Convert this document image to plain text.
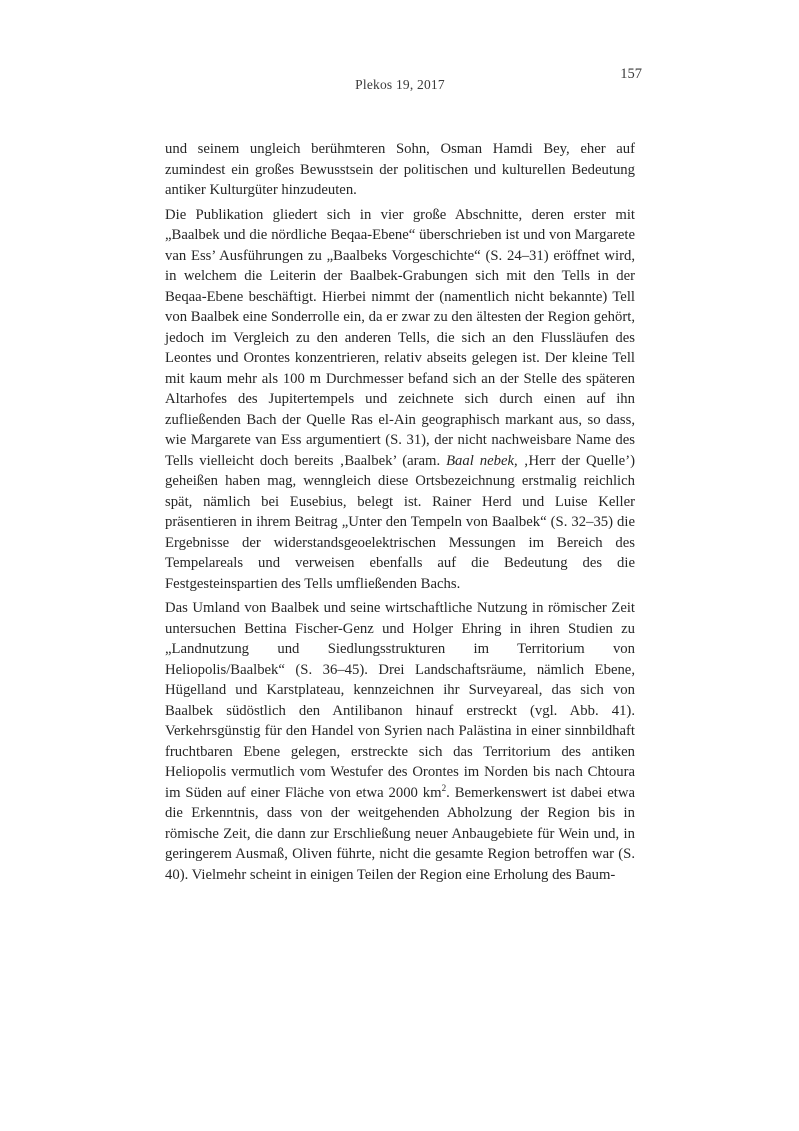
Plekos 19, 2017
157

und seinem ungleich berühmteren Sohn, Osman Hamdi Bey, eher auf zumindest ein großes Bewusstsein der politischen und kulturellen Bedeutung antiker Kulturgüter hinzudeuten.

Die Publikation gliedert sich in vier große Abschnitte, deren erster mit „Baalbek und die nördliche Beqaa-Ebene“ überschrieben ist und von Margarete van Ess’ Ausführungen zu „Baalbeks Vorgeschichte“ (S. 24–31) eröffnet wird, in welchem die Leiterin der Baalbek-Grabungen sich mit den Tells in der Beqaa-Ebene beschäftigt. Hierbei nimmt der (namentlich nicht bekannte) Tell von Baalbek eine Sonderrolle ein, da er zwar zu den ältesten der Region gehört, jedoch im Vergleich zu den anderen Tells, die sich an den Flussläufen des Leontes und Orontes konzentrieren, relativ abseits gelegen ist. Der kleine Tell mit kaum mehr als 100 m Durchmesser befand sich an der Stelle des späteren Altarhofes des Jupitertempels und zeichnete sich durch einen auf ihn zufließenden Bach der Quelle Ras el-Ain geographisch markant aus, so dass, wie Margarete van Ess argumentiert (S. 31), der nicht nachweisbare Name des Tells vielleicht doch bereits ‚Baalbek’ (aram. Baal nebek, ‚Herr der Quelle’) geheißen haben mag, wenngleich diese Ortsbezeichnung erstmalig reichlich spät, nämlich bei Eusebius, belegt ist. Rainer Herd und Luise Keller präsentieren in ihrem Beitrag „Unter den Tempeln von Baalbek“ (S. 32–35) die Ergebnisse der widerstandsgeoelektrischen Messungen im Bereich des Tempelareals und verweisen ebenfalls auf die Bedeutung des die Festgesteinspartien des Tells umfließenden Bachs.

Das Umland von Baalbek und seine wirtschaftliche Nutzung in römischer Zeit untersuchen Bettina Fischer-Genz und Holger Ehring in ihren Studien zu „Landnutzung und Siedlungsstrukturen im Territorium von Heliopolis/Baalbek“ (S. 36–45). Drei Landschaftsräume, nämlich Ebene, Hügelland und Karstplateau, kennzeichnen ihr Surveyareal, das sich von Baalbek südöstlich den Antilibanon hinauf erstreckt (vgl. Abb. 41). Verkehrsgünstig für den Handel von Syrien nach Palästina in einer sinnbildhaft fruchtbaren Ebene gelegen, erstreckte sich das Territorium des antiken Heliopolis vermutlich vom Westufer des Orontes im Norden bis nach Chtoura im Süden auf einer Fläche von etwa 2000 $km^2$. Bemerkenswert ist dabei etwa die Erkenntnis, dass von der weitgehenden Abholzung der Region bis in römische Zeit, die dann zur Erschließung neuer Anbaugebiete für Wein und, in geringerem Ausmaß, Oliven führte, nicht die gesamte Region betroffen war (S. 40). Vielmehr scheint in einigen Teilen der Region eine Erholung des Baum-
